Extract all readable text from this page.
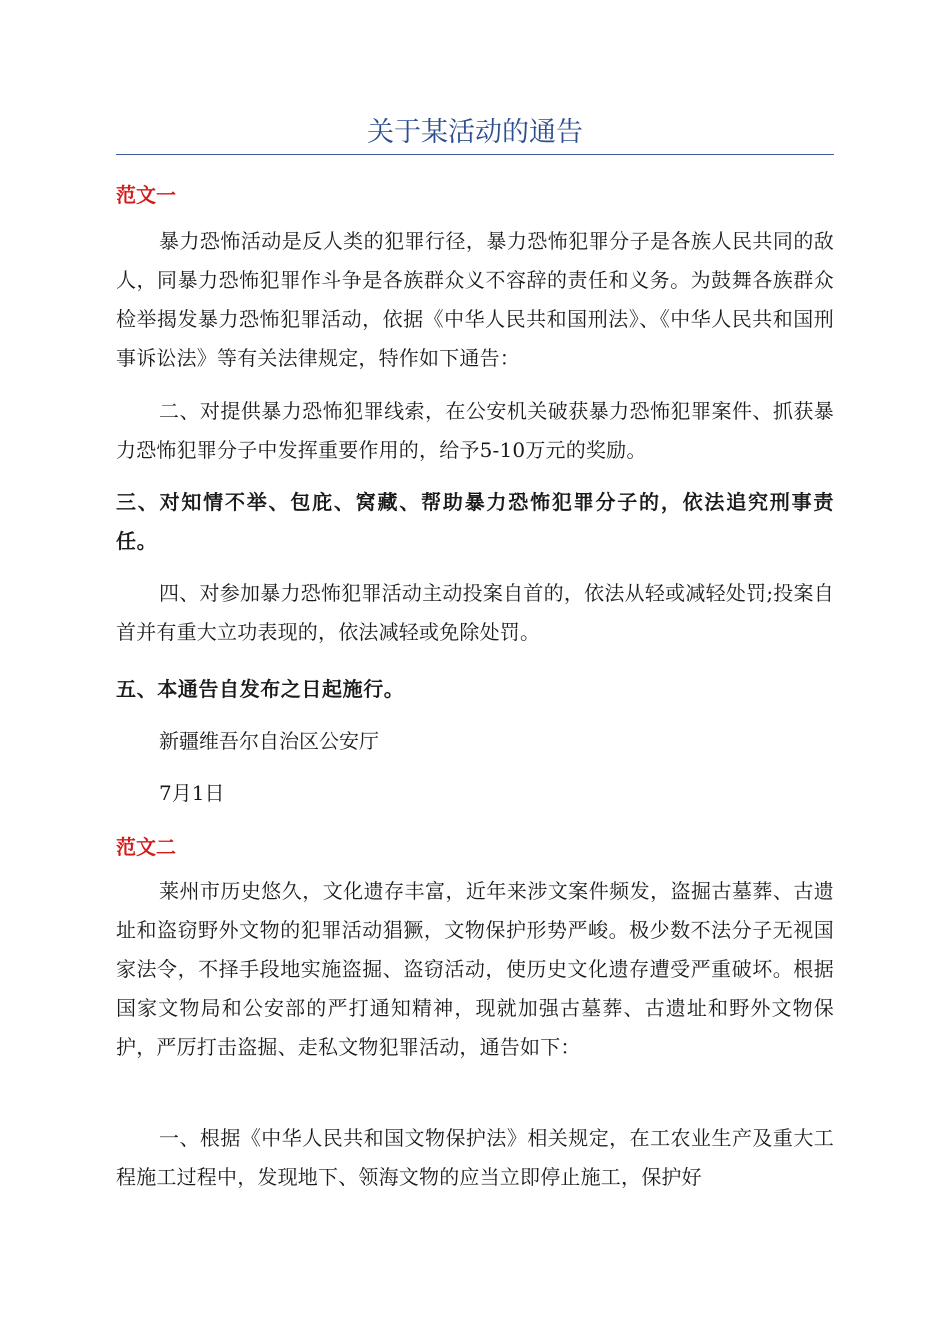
关于某活动的通告
范文一
暴力恐怖活动是反人类的犯罪行径，暴力恐怖犯罪分子是各族人民共同的敌人，同暴力恐怖犯罪作斗争是各族群众义不容辞的责任和义务。为鼓舞各族群众检举揭发暴力恐怖犯罪活动，依据《中华人民共和国刑法》、《中华人民共和国刑事诉讼法》等有关法律规定，特作如下通告：
二、对提供暴力恐怖犯罪线索，在公安机关破获暴力恐怖犯罪案件、抓获暴力恐怖犯罪分子中发挥重要作用的，给予5-10万元的奖励。
三、对知情不举、包庇、窝藏、帮助暴力恐怖犯罪分子的，依法追究刑事责任。
四、对参加暴力恐怖犯罪活动主动投案自首的，依法从轻或减轻处罚;投案自首并有重大立功表现的，依法减轻或免除处罚。
五、本通告自发布之日起施行。
新疆维吾尔自治区公安厅
7月1日
范文二
莱州市历史悠久，文化遗存丰富，近年来涉文案件频发，盗掘古墓葬、古遗址和盗窃野外文物的犯罪活动猖獗，文物保护形势严峻。极少数不法分子无视国家法令，不择手段地实施盗掘、盗窃活动，使历史文化遗存遭受严重破坏。根据国家文物局和公安部的严打通知精神，现就加强古墓葬、古遗址和野外文物保护，严厉打击盗掘、走私文物犯罪活动，通告如下：
一、根据《中华人民共和国文物保护法》相关规定，在工农业生产及重大工程施工过程中，发现地下、领海文物的应当立即停止施工，保护好
